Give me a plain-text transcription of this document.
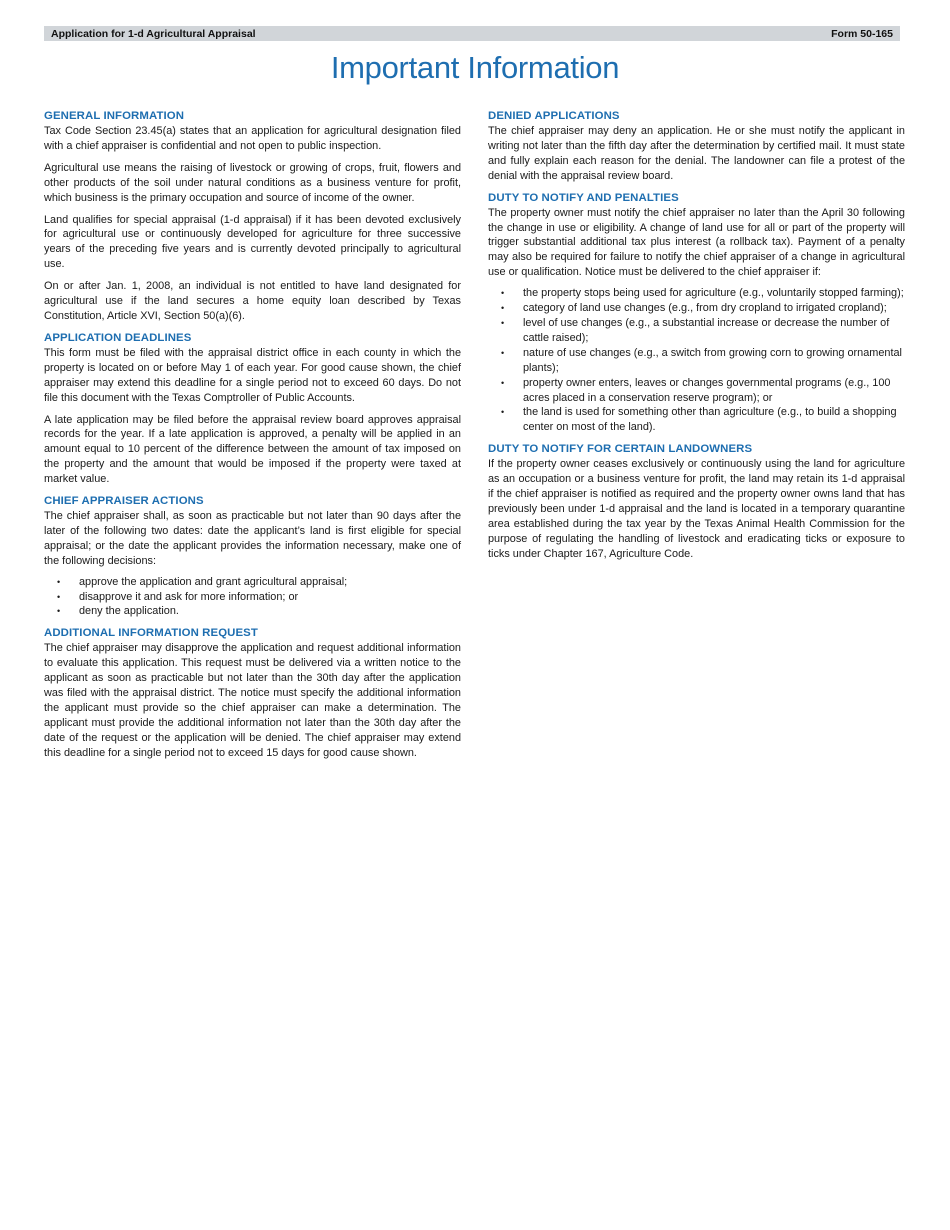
Application for 1-d Agricultural Appraisal	Form 50-165
Important Information
GENERAL INFORMATION

Tax Code Section 23.45(a) states that an application for agricultural designation filed with a chief appraiser is confidential and not open to public inspection.

Agricultural use means the raising of livestock or growing of crops, fruit, flowers and other products of the soil under natural conditions as a business venture for profit, which business is the primary occupation and source of income of the owner.

Land qualifies for special appraisal (1-d appraisal) if it has been devoted exclusively for agricultural use or continuously developed for agriculture for three successive years of the preceding five years and is currently devoted principally to agricultural use.

On or after Jan. 1, 2008, an individual is not entitled to have land designated for agricultural use if the land secures a home equity loan described by Texas Constitution, Article XVI, Section 50(a)(6).

APPLICATION DEADLINES

This form must be filed with the appraisal district office in each county in which the property is located on or before May 1 of each year. For good cause shown, the chief appraiser may extend this deadline for a single period not to exceed 60 days. Do not file this document with the Texas Comptroller of Public Accounts.

A late application may be filed before the appraisal review board approves appraisal records for the year. If a late application is approved, a penalty will be applied in an amount equal to 10 percent of the difference between the amount of tax imposed on the property and the amount that would be imposed if the property were taxed at market value.

CHIEF APPRAISER ACTIONS

The chief appraiser shall, as soon as practicable but not later than 90 days after the later of the following two dates: date the applicant’s land is first eligible for special appraisal; or the date the applicant provides the information necessary, make one of the following decisions:

• approve the application and grant agricultural appraisal;
• disapprove it and ask for more information; or
• deny the application.
ADDITIONAL INFORMATION REQUEST

The chief appraiser may disapprove the application and request additional information to evaluate this application. This request must be delivered via a written notice to the applicant as soon as practicable but not later than the 30th day after the application was filed with the appraisal district. The notice must specify the additional information the applicant must provide so the chief appraiser can make a determination. The applicant must provide the additional information not later than the 30th day after the date of the request or the application will be denied. The chief appraiser may extend this deadline for a single period not to exceed 15 days for good cause shown.

DENIED APPLICATIONS

The chief appraiser may deny an application. He or she must notify the applicant in writing not later than the fifth day after the determination by certified mail. It must state and fully explain each reason for the denial. The landowner can file a protest of the denial with the appraisal review board.

DUTY TO NOTIFY AND PENALTIES

The property owner must notify the chief appraiser no later than the April 30 following the change in use or eligibility. A change of land use for all or part of the property will trigger substantial additional tax plus interest (a rollback tax). Payment of a penalty may also be required for failure to notify the chief appraiser of a change in agricultural use or qualification. Notice must be delivered to the chief appraiser if:

• the property stops being used for agriculture (e.g., voluntarily stopped farming);
• category of land use changes (e.g., from dry cropland to irrigated cropland);
• level of use changes (e.g., a substantial increase or decrease the number of cattle raised);
• nature of use changes (e.g., a switch from growing corn to growing ornamental plants);
• property owner enters, leaves or changes governmental programs (e.g., 100 acres placed in a conservation reserve program); or
• the land is used for something other than agriculture (e.g., to build a shopping center on most of the land).
DUTY TO NOTIFY FOR CERTAIN LANDOWNERS

If the property owner ceases exclusively or continuously using the land for agriculture as an occupation or a business venture for profit, the land may retain its 1-d appraisal if the chief appraiser is notified as required and the property owner owns land that has previously been under 1-d appraisal and the land is located in a temporary quarantine area established during the tax year by the Texas Animal Health Commission for the purpose of regulating the handling of livestock and eradicating ticks or exposure to ticks under Chapter 167, Agriculture Code.
